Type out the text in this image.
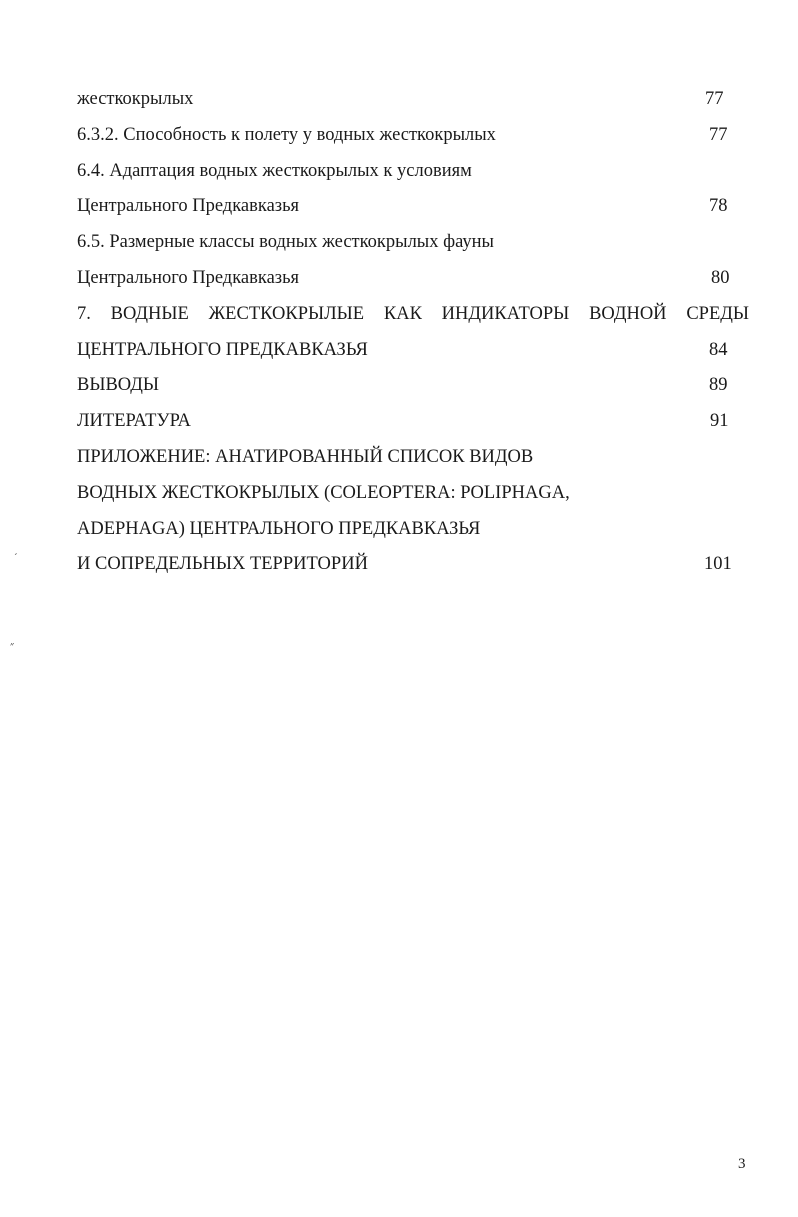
жесткокрылых	77
6.3.2. Способность к полету у водных жесткокрылых	77
6.4. Адаптация водных жесткокрылых к условиям
Центрального Предкавказья	78
6.5. Размерные классы водных жесткокрылых фауны
Центрального Предкавказья	80
7. ВОДНЫЕ ЖЕСТКОКРЫЛЫЕ КАК ИНДИКАТОРЫ ВОДНОЙ СРЕДЫ
ЦЕНТРАЛЬНОГО ПРЕДКАВКАЗЬЯ	84
ВЫВОДЫ	89
ЛИТЕРАТУРА	91
ПРИЛОЖЕНИЕ: АНАТИРОВАННЫЙ СПИСОК ВИДОВ
ВОДНЫХ ЖЕСТКОКРЫЛЫХ (COLEOPTERA: POLIPHAGA,
ADEPHAGA) ЦЕНТРАЛЬНОГО ПРЕДКАВКАЗЬЯ
И СОПРЕДЕЛЬНЫХ ТЕРРИТОРИЙ	101
ˊ
״
3
